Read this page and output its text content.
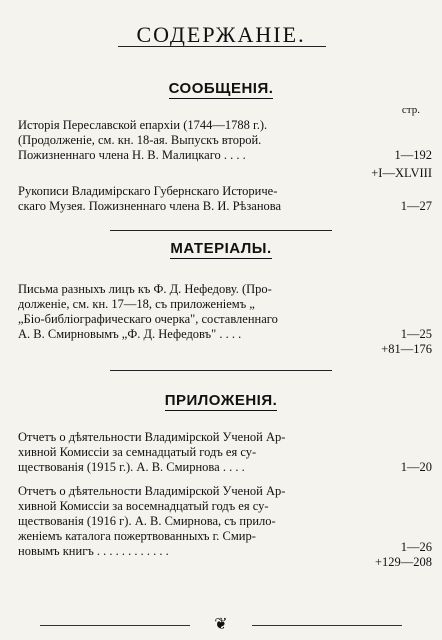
СОДЕРЖАНІЕ.
СООБЩЕНІЯ.
стр.
Исторія Переславской епархіи (1744—1788 г.).
(Продолженіе, см. кн. 18-ая. Выпускъ второй.
Пожизненнаго члена Н. В. Малицкаго . . . .	1—192
+I—XLVIII
Рукописи Владимірскаго Губернскаго Историче-
скаго Музея. Пожизненнаго члена В. И. Рѣзанова	1—27
МАТЕРІАЛЫ.
Письма разныхъ лицъ къ Ф. Д. Нефедову. (Про-
долженіе, см. кн. 17—18, съ приложеніемъ „
„Біо-библіографическаго очерка", составленнаго
А. В. Смирновымъ „Ф. Д. Нефедовъ" . . . .	1—25
+81—176
ПРИЛОЖЕНІЯ.
Отчетъ о дѣятельности Владимірской Ученой Ар-
хивной Комиссіи за семнадцатый годъ ея су-
ществованія (1915 г.). А. В. Смирнова . . . .	1—20
Отчетъ о дѣятельности Владимірской Ученой Ар-
хивной Комиссіи за восемнадцатый годъ ея су-
ществованія (1916 г). А. В. Смирнова, съ прило-
женіемъ каталога пожертвованныхъ г. Смир-
новымъ книгъ . . . . . . . . . . . .	1—26
+129—208
❦
